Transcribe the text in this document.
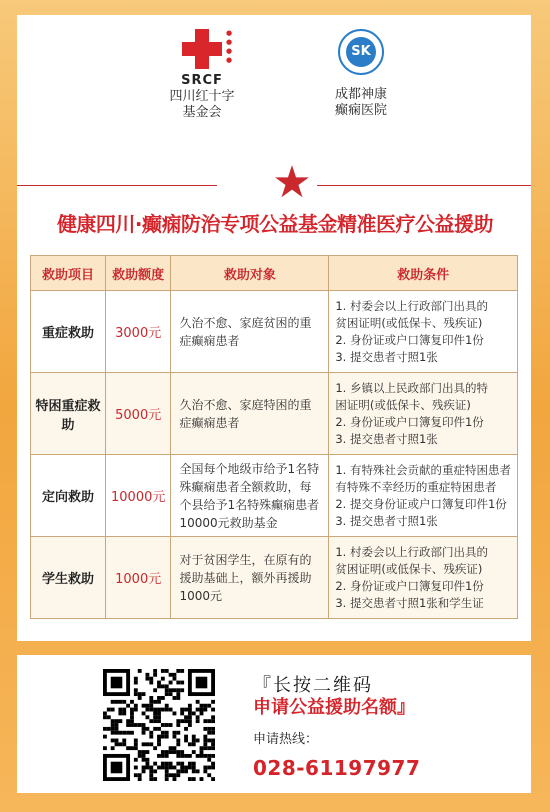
●
●
●
●
SRCF
四川红十字
基金会
SK
成都神康
癫痫医院
★
健康四川·癫痫防治专项公益基金精准医疗公益援助
救助项目	救助额度	救助对象	救助条件
重症救助	3000元	久治不愈、家庭贫困的重症癫痫患者	1. 村委会以上行政部门出具的
贫困证明(或低保卡、残疾证)
2. 身份证或户口簿复印件1份
3. 提交患者寸照1张

特困重症救助	5000元	久治不愈、家庭特困的重症癫痫患者	1. 乡镇以上民政部门出具的特
困证明(或低保卡、残疾证)
2. 身份证或户口簿复印件1份
3. 提交患者寸照1张

定向救助	10000元	全国每个地级市给予1名特殊癫痫患者全额救助，每个县给予1名特殊癫痫患者10000元救助基金	1. 有特殊社会贡献的重症特困患者
有特殊不幸经历的重症特困患者
2. 提交身份证或户口簿复印件1份
3. 提交患者寸照1张

学生救助	1000元	对于贫困学生，在原有的援助基础上，额外再援助1000元	1. 村委会以上行政部门出具的
贫困证明(或低保卡、残疾证)
2. 身份证或户口簿复印件1份
3. 提交患者寸照1张和学生证
『长按二维码
申请公益援助名额』
申请热线：
028-61197977
